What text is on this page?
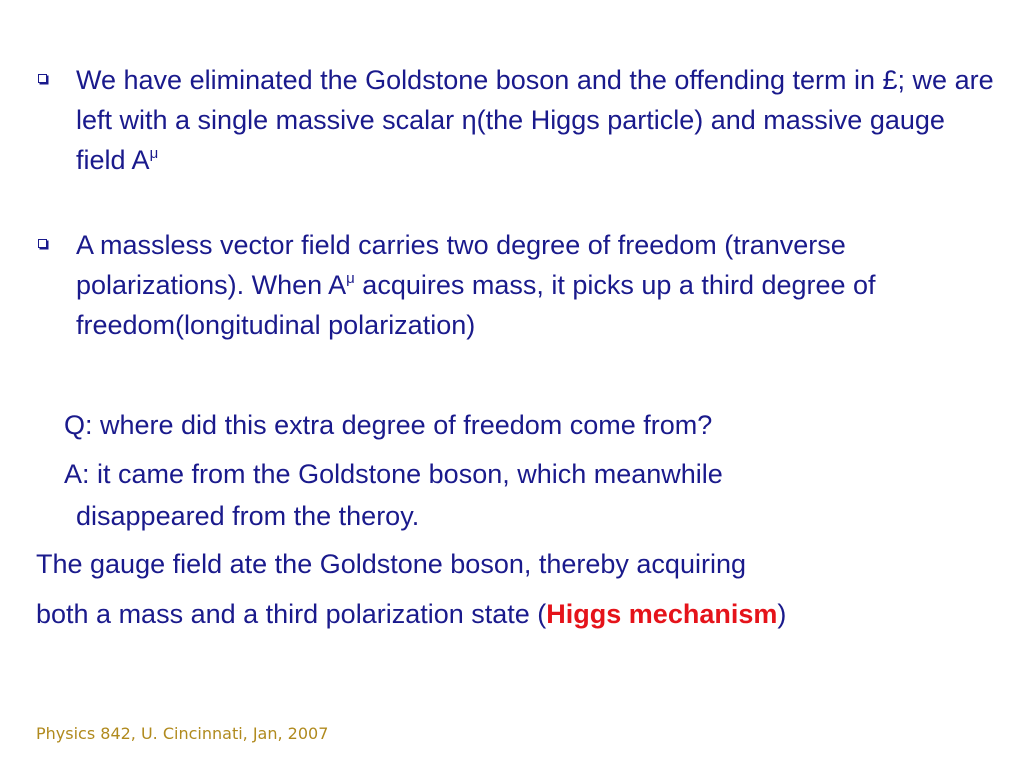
We have eliminated the Goldstone boson and the offending term in £; we are left with a single massive scalar η(the Higgs particle) and massive gauge field $A^\mu$
A massless vector field carries two degree of freedom (tranverse polarizations). When $A^\mu$ acquires mass, it picks up a third degree of freedom(longitudinal polarization)
Q: where did this extra degree of freedom come from?
A: it came from the Goldstone boson, which meanwhile
disappeared from the theroy.
The gauge field ate the Goldstone boson, thereby acquiring
both a mass and a third polarization state (Higgs mechanism)
Physics 842, U. Cincinnati, Jan, 2007
